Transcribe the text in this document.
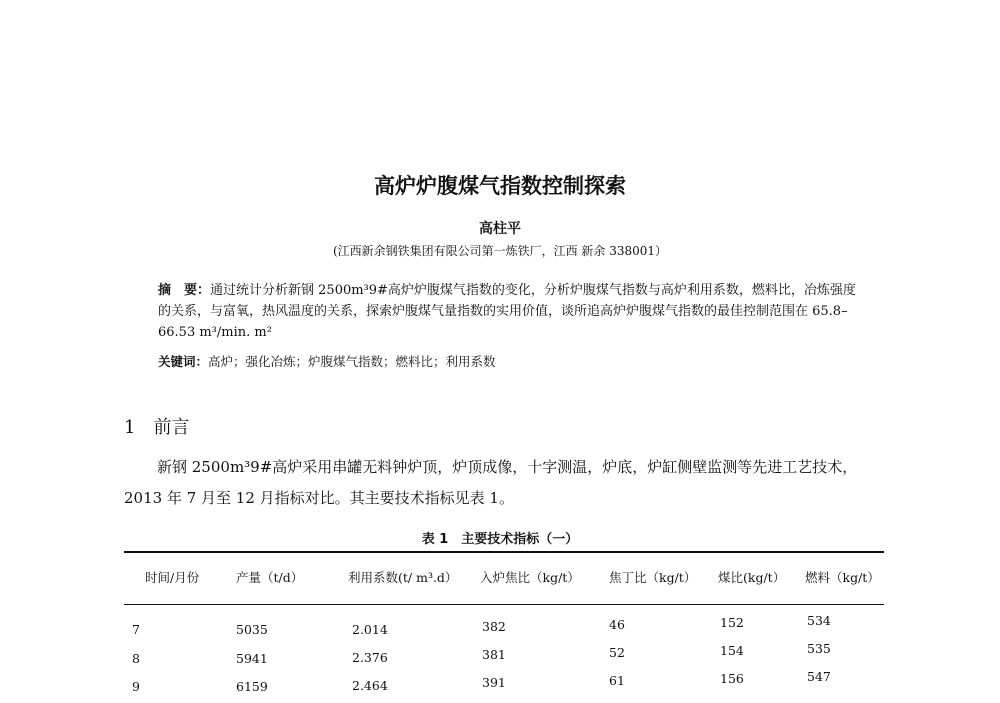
高炉炉腹煤气指数控制探索
高柱平
(江西新余钢铁集团有限公司第一炼铁厂，江西 新余 338001）
摘　要：通过统计分析新钢 2500m³9#高炉炉腹煤气指数的变化，分析炉腹煤气指数与高炉利用系数，燃料比，冶炼强度的关系，与富氧，热风温度的关系，探索炉腹煤气量指数的实用价值，谈所追高炉炉腹煤气指数的最佳控制范围在 65.8–66.53 m³/min. m²
关键词：高炉；强化冶炼；炉腹煤气指数；燃料比；利用系数
1　前言
新钢 2500m³9#高炉采用串罐无料钟炉顶，炉顶成像，十字测温，炉底，炉缸侧壁监测等先进工艺技术，2013 年 7 月至 12 月指标对比。其主要技术指标见表 1。
表 1　主要技术指标（一）
时间/月份	产量（t/d）	利用系数(t/ m³.d） 入炉焦比（kg/t） 焦丁比（kg/t） 煤比(kg/t） 燃料（kg/t）
7	5035	2.014	382	46	152	534
8	5941	2.376	381	52	154	535
9	6159	2.464	391	61	156	547
